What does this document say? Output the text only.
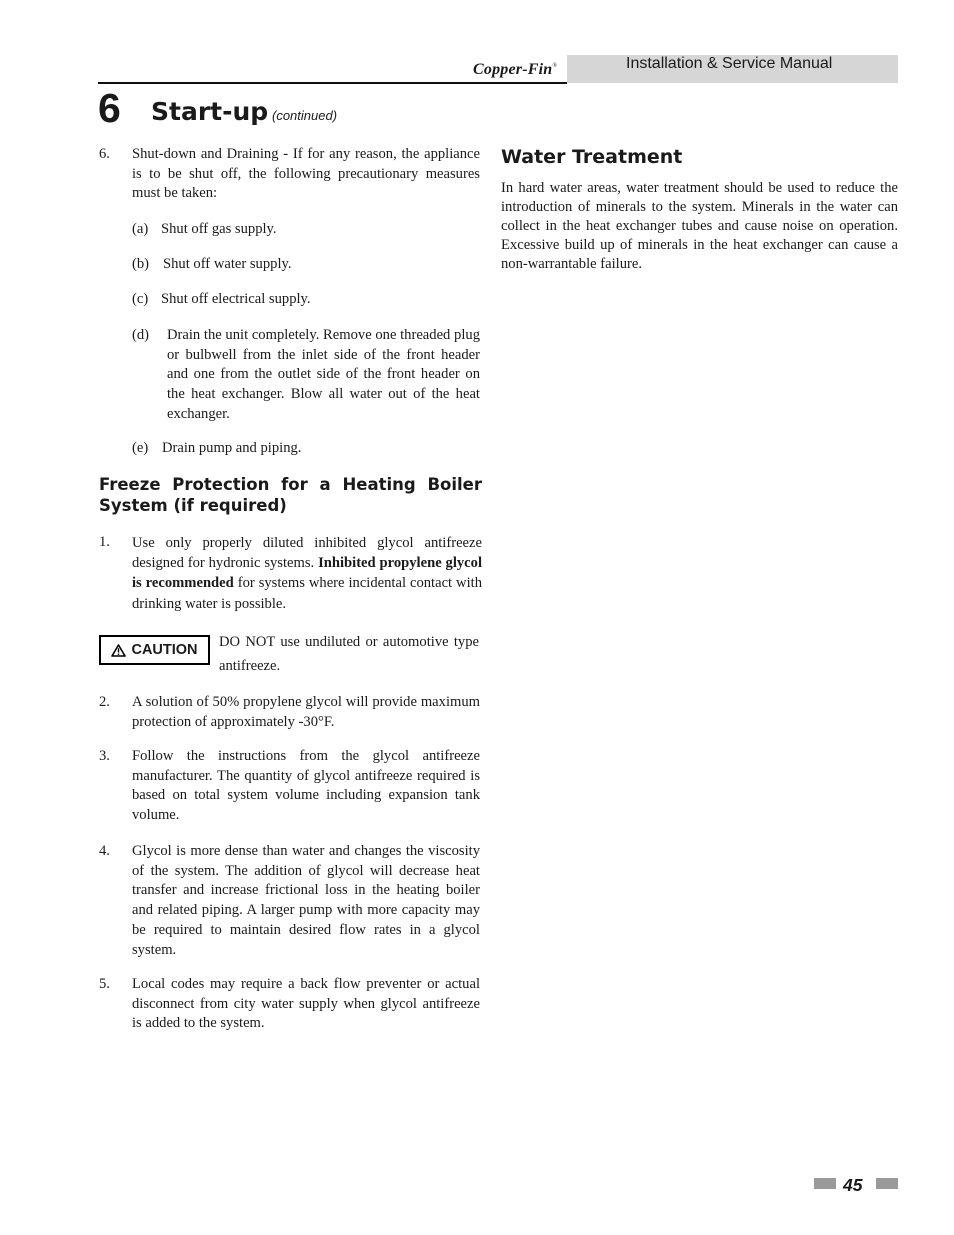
Copper-Fin®	Installation & Service Manual
6 Start-up (continued)
6. Shut-down and Draining - If for any reason, the appliance is to be shut off, the following precautionary measures must be taken:
(a) Shut off gas supply.
(b) Shut off water supply.
(c) Shut off electrical supply.
(d) Drain the unit completely. Remove one threaded plug or bulbwell from the inlet side of the front header and one from the outlet side of the front header on the heat exchanger. Blow all water out of the heat exchanger.
(e) Drain pump and piping.
Freeze Protection for a Heating Boiler System (if required)
1. Use only properly diluted inhibited glycol antifreeze designed for hydronic systems. Inhibited propylene glycol is recommended for systems where incidental contact with drinking water is possible.
CAUTION DO NOT use undiluted or automotive type antifreeze.
2. A solution of 50% propylene glycol will provide maximum protection of approximately -30°F.
3. Follow the instructions from the glycol antifreeze manufacturer. The quantity of glycol antifreeze required is based on total system volume including expansion tank volume.
4. Glycol is more dense than water and changes the viscosity of the system. The addition of glycol will decrease heat transfer and increase frictional loss in the heating boiler and related piping. A larger pump with more capacity may be required to maintain desired flow rates in a glycol system.
5. Local codes may require a back flow preventer or actual disconnect from city water supply when glycol antifreeze is added to the system.
Water Treatment
In hard water areas, water treatment should be used to reduce the introduction of minerals to the system. Minerals in the water can collect in the heat exchanger tubes and cause noise on operation. Excessive build up of minerals in the heat exchanger can cause a non-warrantable failure.
45
